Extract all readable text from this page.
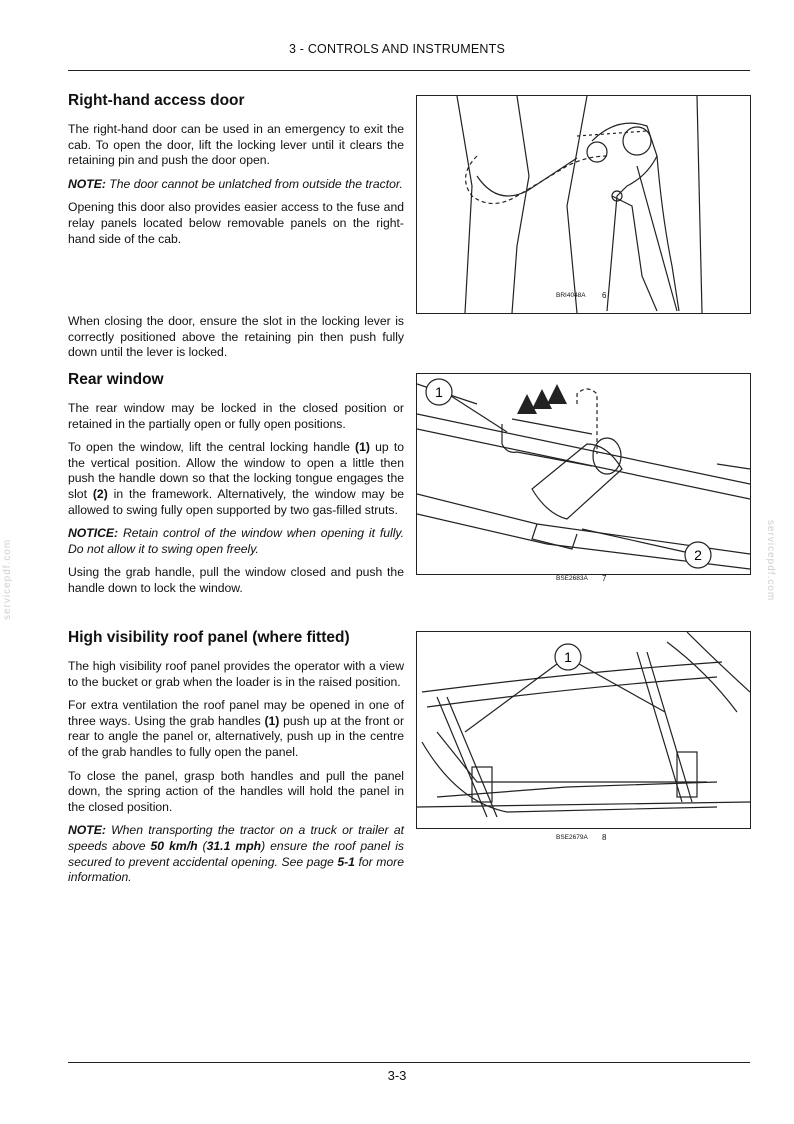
3 - CONTROLS AND INSTRUMENTS
servicepdf.com	servicepdf.com
Right-hand access door

The right-hand door can be used in an emergency to exit the cab. To open the door, lift the locking lever until it clears the retaining pin and push the door open.

NOTE: The door cannot be unlatched from outside the tractor.

Opening this door also provides easier access to the fuse and relay panels located below removable panels on the right-hand side of the cab.

When closing the door, ensure the slot in the locking lever is correctly positioned above the retaining pin then push fully down until the lever is locked.

Rear window

The rear window may be locked in the closed position or retained in the partially open or fully open positions.

To open the window, lift the central locking handle (1) up to the vertical position. Allow the window to open a little then push the handle down so that the locking tongue engages the slot (2) in the framework. Alternatively, the window may be allowed to swing fully open supported by two gas-filled struts.

NOTICE: Retain control of the window when opening it fully. Do not allow it to swing open freely.

Using the grab handle, pull the window closed and push the handle down to lock the window.

High visibility roof panel (where fitted)

The high visibility roof panel provides the operator with a view to the bucket or grab when the loader is in the raised position.

For extra ventilation the roof panel may be opened in one of three ways. Using the grab handles (1) push up at the front or rear to angle the panel or, alternatively, push up in the centre of the grab handles to fully open the panel.

To close the panel, grasp both handles and pull the panel down, the spring action of the handles will hold the panel in the closed position.

NOTE: When transporting the tractor on a truck or trailer at speeds above 50 km/h (31.1 mph) ensure the roof panel is secured to prevent accidental opening. See page 5-1 for more information.

BRI4048A 6
1
2
BSE2683A 7
1
BSE2679A 8
3-3
